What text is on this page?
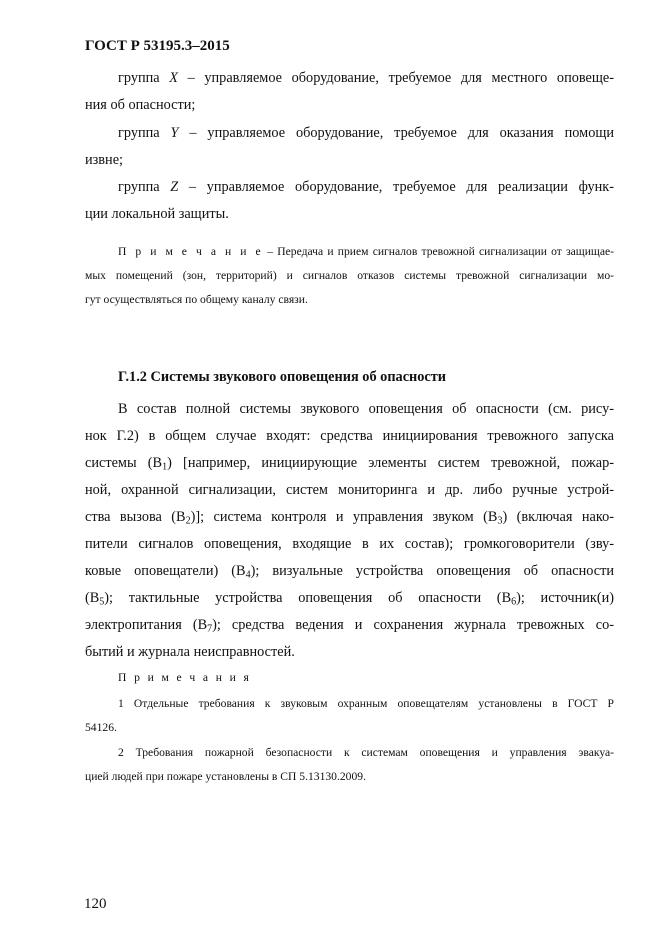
ГОСТ Р 53195.3–2015
группа X – управляемое оборудование, требуемое для местного оповеще-
ния об опасности;
группа Y – управляемое оборудование, требуемое для оказания помощи
извне;
группа Z – управляемое оборудование, требуемое для реализации функ-
ции локальной защиты.
П р и м е ч а н и е – Передача и прием сигналов тревожной сигнализации от защищае-
мых помещений (зон, территорий) и сигналов отказов системы тревожной сигнализации мо-
гут осуществляться по общему каналу связи.
Г.1.2 Системы звукового оповещения об опасности
В состав полной системы звукового оповещения об опасности (см. рису-
нок Г.2) в общем случае входят: средства инициирования тревожного запуска
системы $(В_1)$ [например, инициирующие элементы систем тревожной, пожар-
ной, охранной сигнализации, систем мониторинга и др. либо ручные устрой-
ства вызова $(В_2)$]; система контроля и управления звуком $(В_3)$ (включая нако-
пители сигналов оповещения, входящие в их состав); громкоговорители (зву-
ковые оповещатели) $(В_4)$; визуальные устройства оповещения об опасности
$(В_5)$; тактильные устройства оповещения об опасности $(В_6)$; источник(и)
электропитания $(В_7)$; средства ведения и сохранения журнала тревожных со-
бытий и журнала неисправностей.
П р и м е ч а н и я
1 Отдельные требования к звуковым охранным оповещателям установлены в ГОСТ Р
54126.
2 Требования пожарной безопасности к системам оповещения и управления эвакуа-
цией людей при пожаре установлены в СП 5.13130.2009.
120
